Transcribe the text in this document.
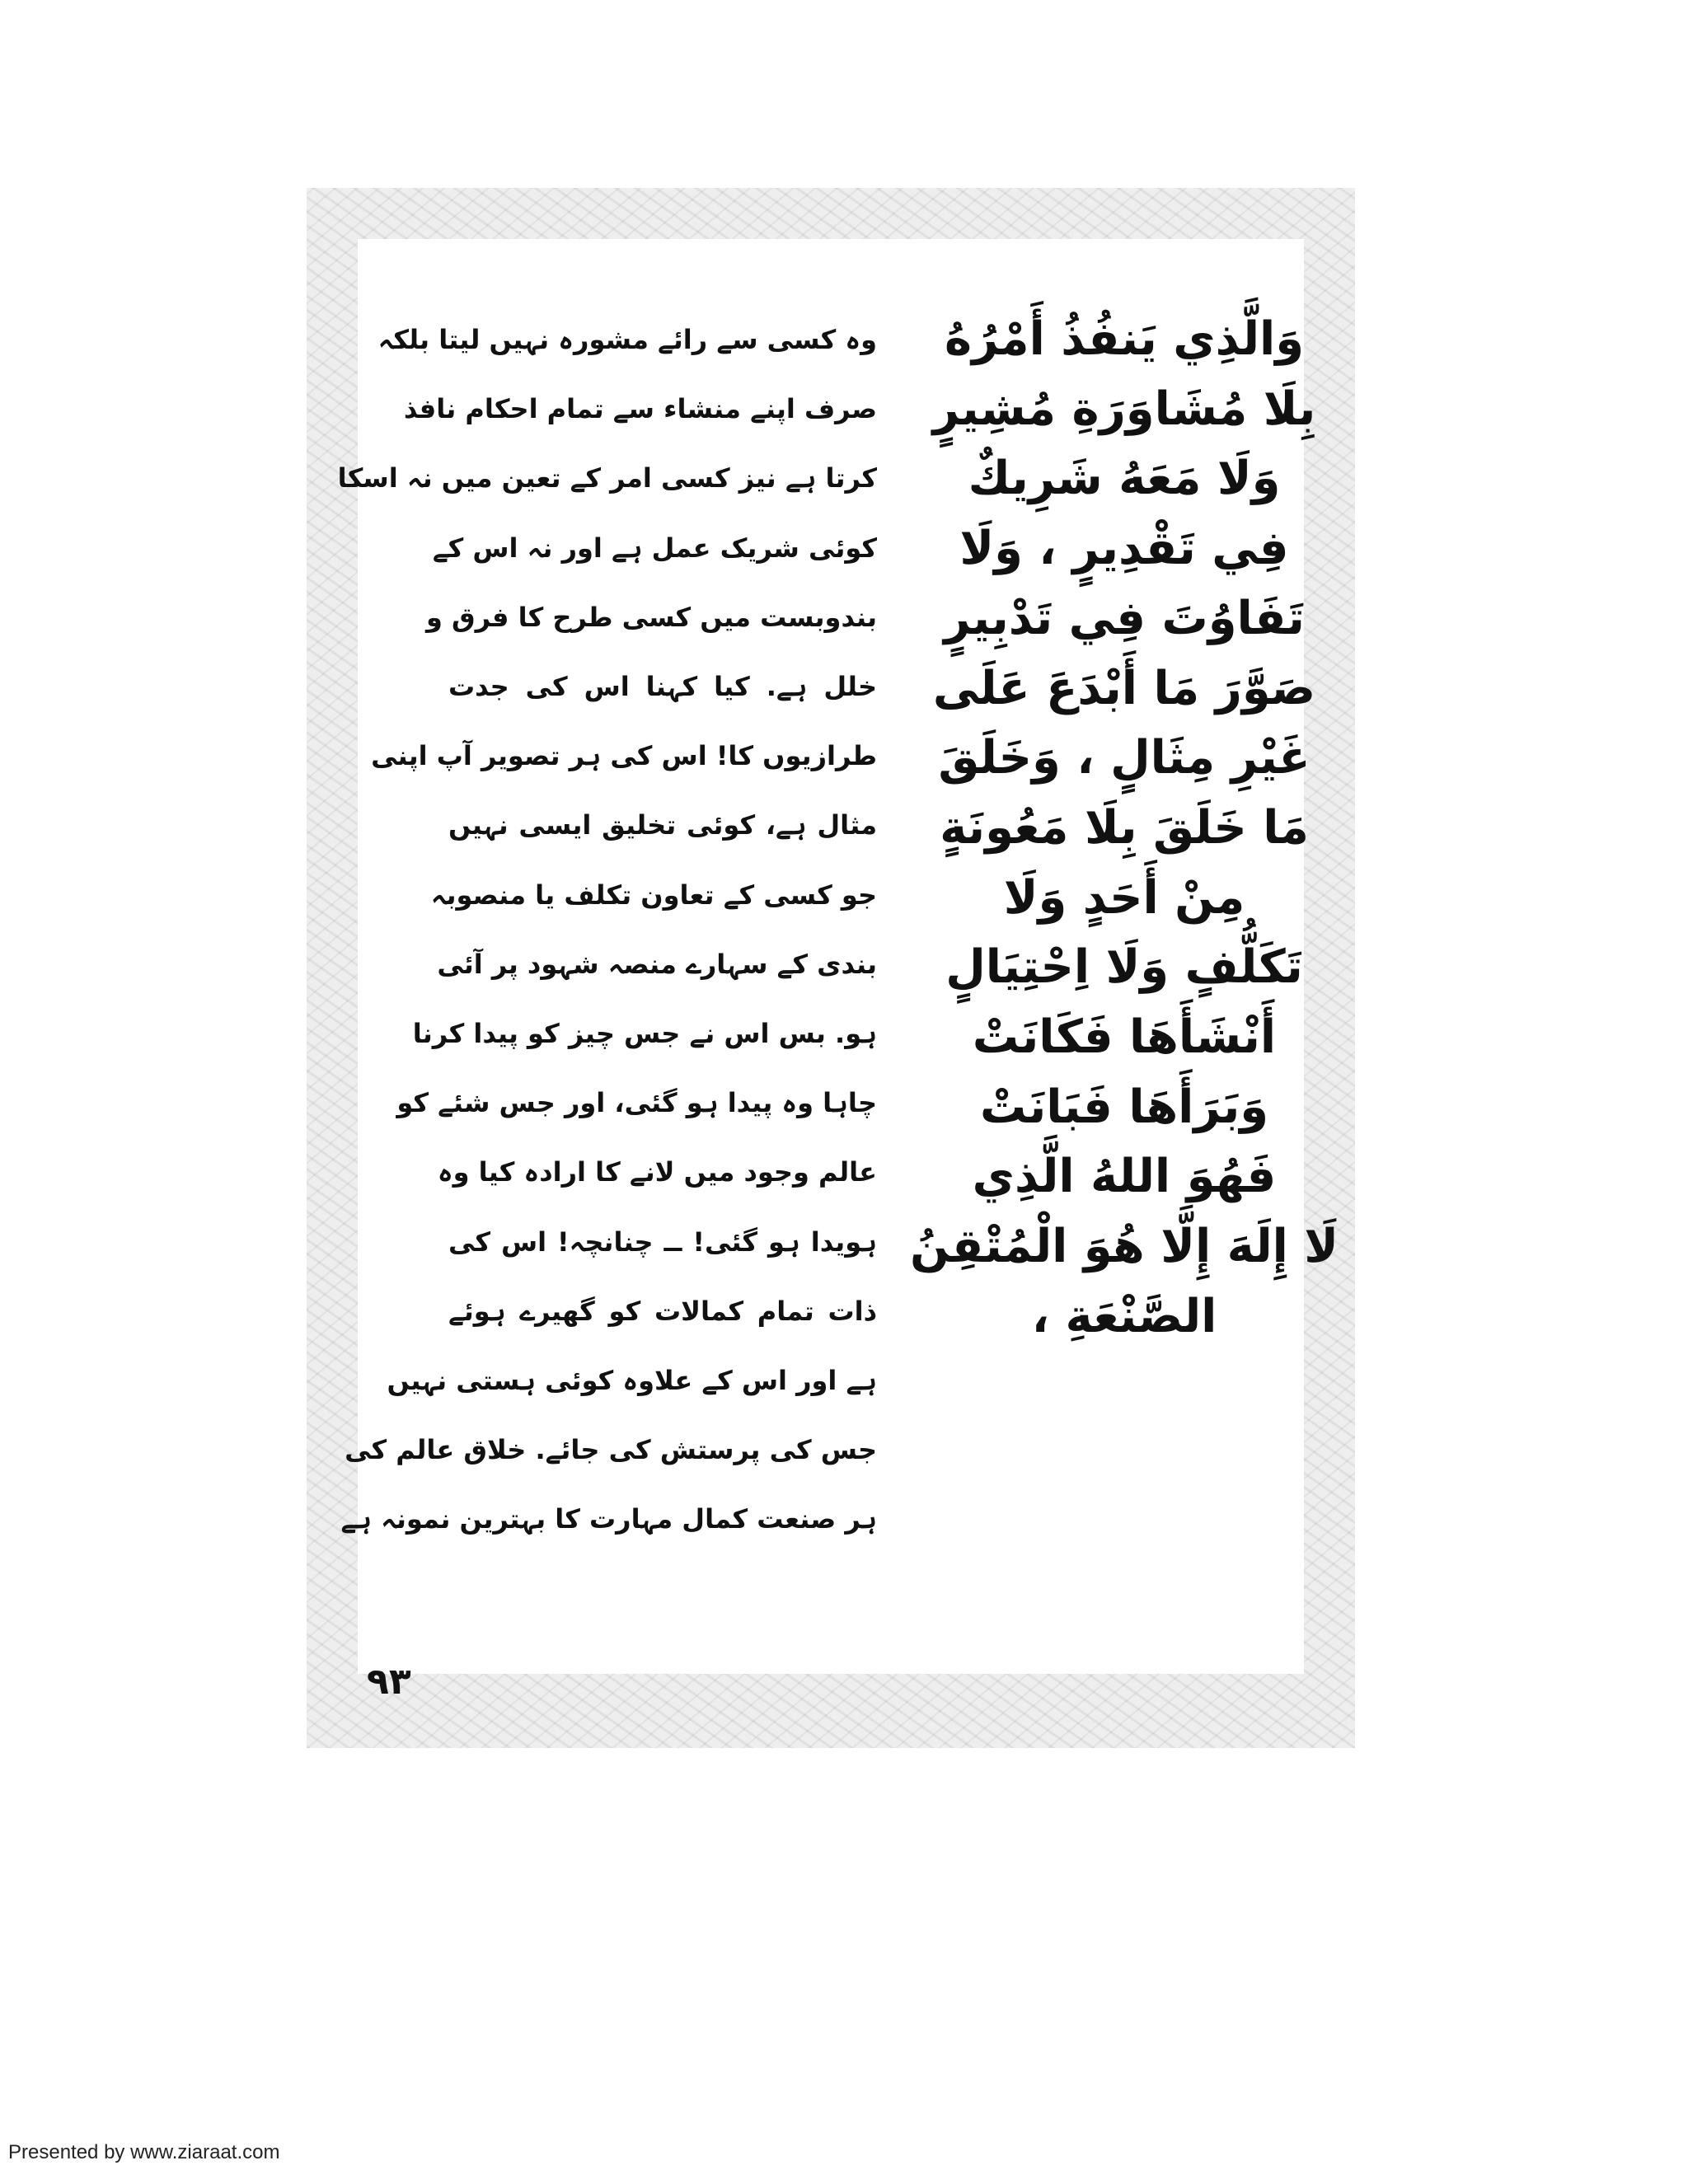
وَالَّذِي يَنفُذُ أَمْرُهُ
بِلَا مُشَاوَرَةِ مُشِيرٍ
وَلَا مَعَهُ شَرِيكٌ
فِي تَقْدِيرٍ ، وَلَا
تَفَاوُتَ فِي تَدْبِيرٍ
صَوَّرَ مَا أَبْدَعَ عَلَى
غَيْرِ مِثَالٍ ، وَخَلَقَ
مَا خَلَقَ بِلَا مَعُونَةٍ
مِنْ أَحَدٍ وَلَا
تَكَلُّفٍ وَلَا اِحْتِيَالٍ
أَنْشَأَهَا فَكَانَتْ
وَبَرَأَهَا فَبَانَتْ
فَهُوَ اللهُ الَّذِي
لَا إِلَهَ إِلَّا هُوَ الْمُتْقِنُ
الصَّنْعَةِ ،
وہ کسی سے رائے مشورہ نہیں لیتا بلکہ
صرف اپنے منشاء سے تمام احکام نافذ
کرتا ہے نیز کسی امر کے تعین میں نہ اسکا
کوئی شریک عمل ہے اور نہ اس کے
بندوبست میں کسی طرح کا فرق و
خلل ہے. کیا کہنا اس کی جدت
طرازیوں کا! اس کی ہر تصویر آپ اپنی
مثال ہے، کوئی تخلیق ایسی نہیں
جو کسی کے تعاون تکلف یا منصوبہ
بندی کے سہارے منصہ شہود پر آئی
ہو. بس اس نے جس چیز کو پیدا کرنا
چاہا وہ پیدا ہو گئی، اور جس شئے کو
عالم وجود میں لانے کا ارادہ کیا وہ
ہویدا ہو گئی! ــ چنانچہ! اس کی
ذات تمام کمالات کو گھیرے ہوئے
ہے اور اس کے علاوہ کوئی ہستی نہیں
جس کی پرستش کی جائے. خلاق عالم کی
ہر صنعت کمال مہارت کا بہترین نمونہ ہے
۹۳
Presented by www.ziaraat.com
